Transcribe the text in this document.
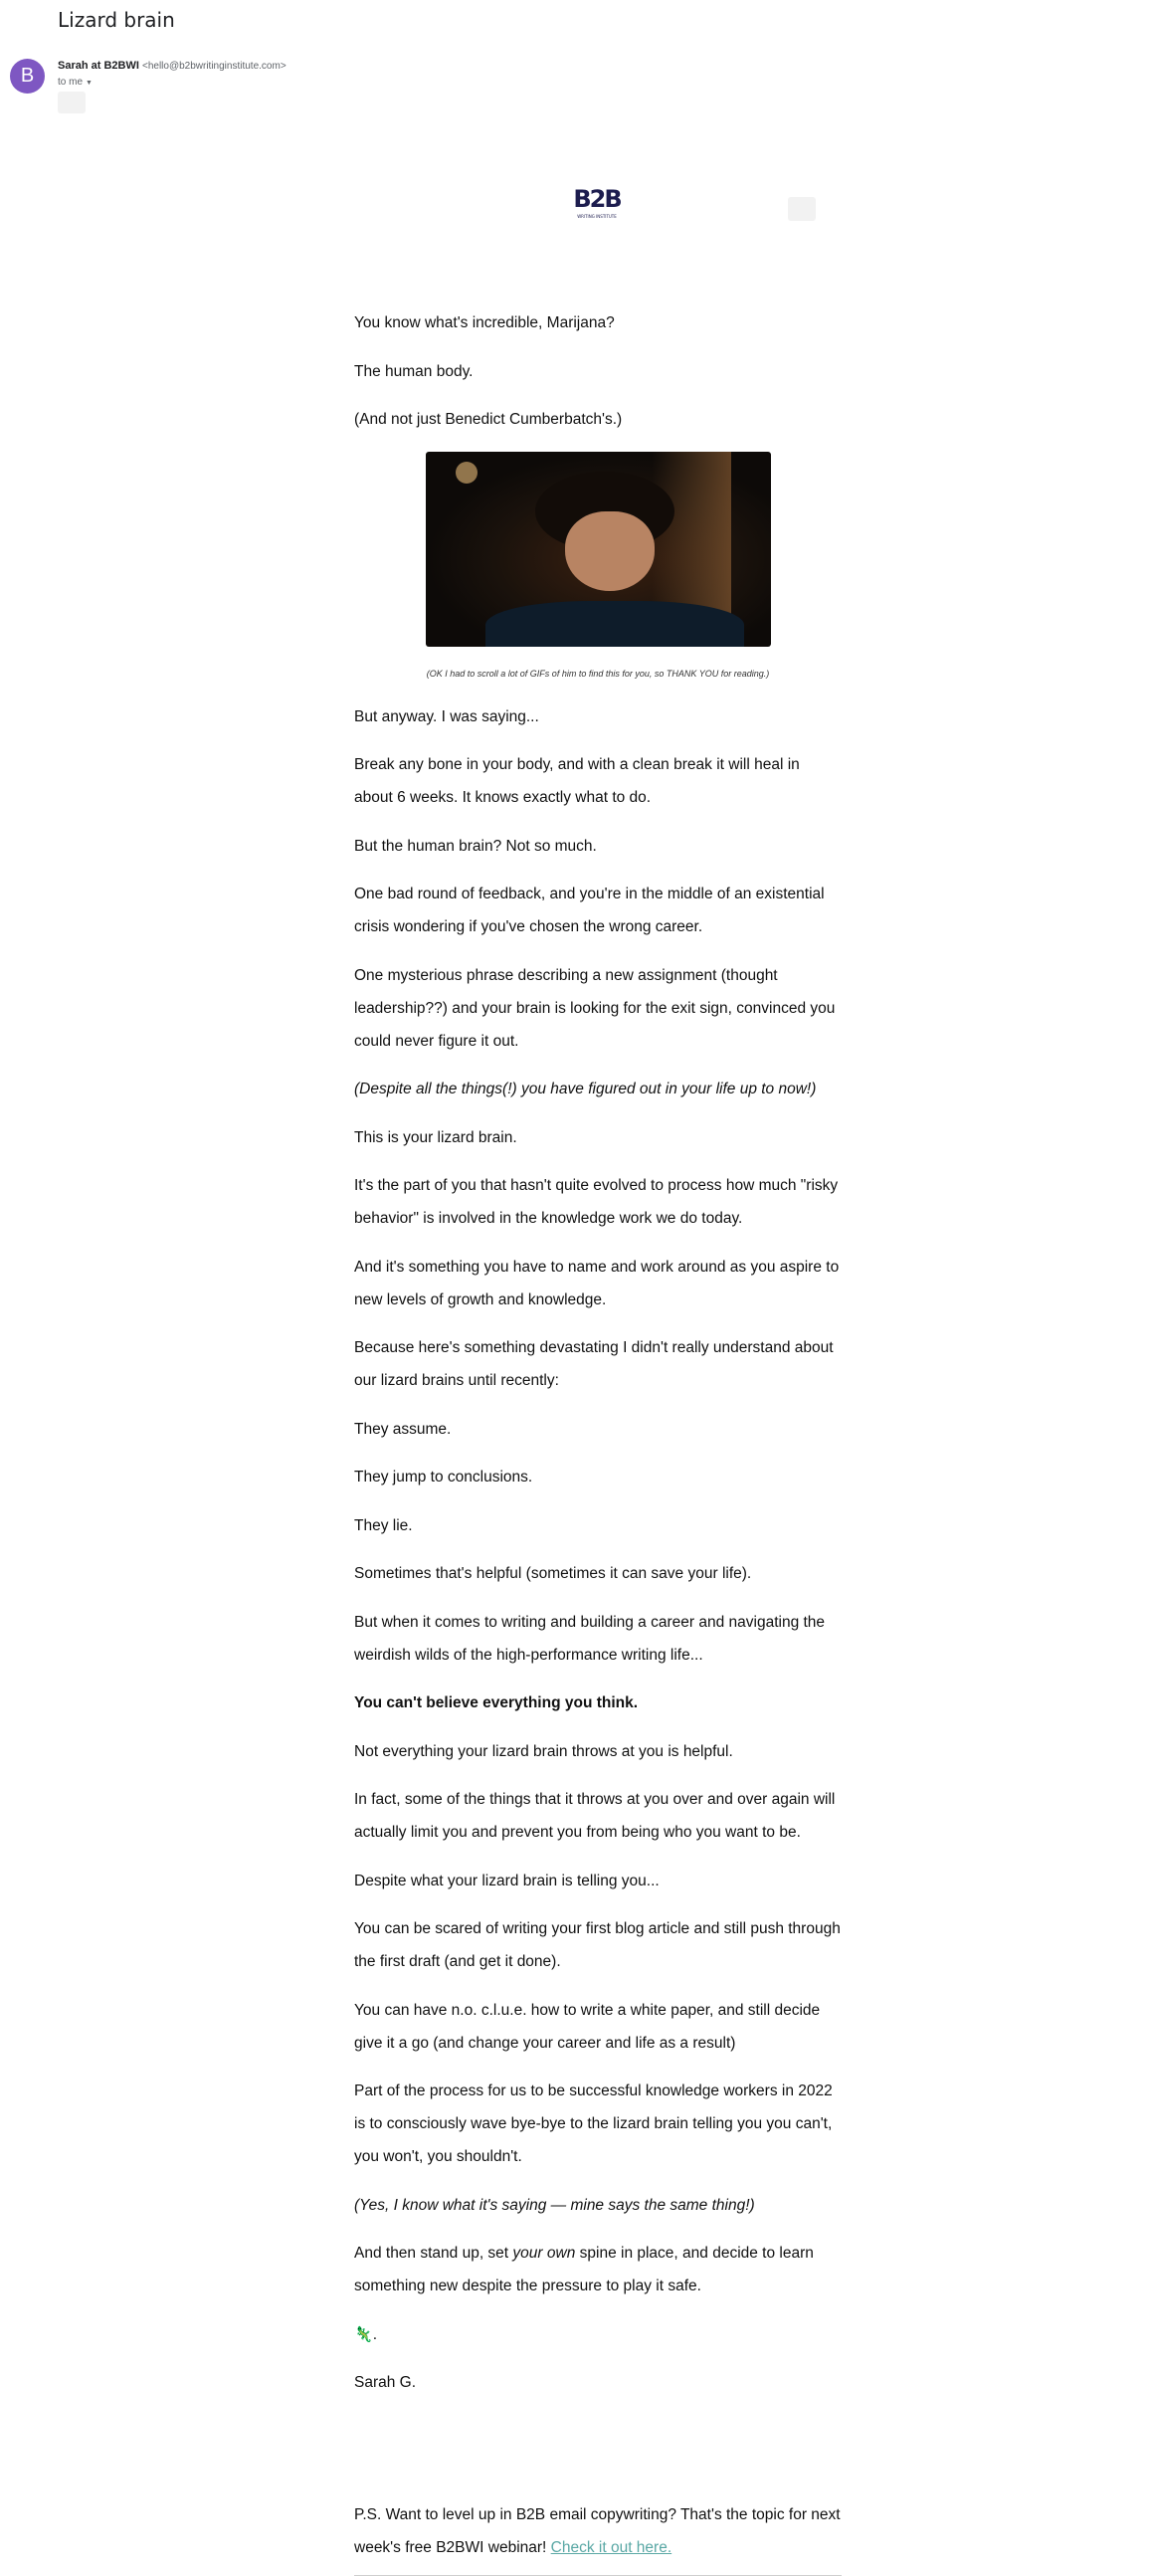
Lizard brain
B	Sarah at B2BWI <hello@b2bwritinginstitute.com>
to me ▼
B2B
WRITING INSTITUTE

You know what's incredible, Marijana?

The human body.

(And not just Benedict Cumberbatch's.)

(OK I had to scroll a lot of GIFs of him to find this for you, so THANK YOU for reading.)

But anyway. I was saying...

Break any bone in your body, and with a clean break it will heal in about 6 weeks. It knows exactly what to do.

But the human brain? Not so much.

One bad round of feedback, and you're in the middle of an existential crisis wondering if you've chosen the wrong career.

One mysterious phrase describing a new assignment (thought leadership??) and your brain is looking for the exit sign, convinced you could never figure it out.

(Despite all the things(!) you have figured out in your life up to now!)

This is your lizard brain.

It's the part of you that hasn't quite evolved to process how much "risky behavior" is involved in the knowledge work we do today.

And it's something you have to name and work around as you aspire to new levels of growth and knowledge.

Because here's something devastating I didn't really understand about our lizard brains until recently:

They assume.

They jump to conclusions.

They lie.

Sometimes that's helpful (sometimes it can save your life).

But when it comes to writing and building a career and navigating the weirdish wilds of the high-performance writing life...

You can't believe everything you think.

Not everything your lizard brain throws at you is helpful.

In fact, some of the things that it throws at you over and over again will actually limit you and prevent you from being who you want to be.

Despite what your lizard brain is telling you...

You can be scared of writing your first blog article and still push through the first draft (and get it done).

You can have n.o. c.l.u.e. how to write a white paper, and still decide give it a go (and change your career and life as a result)

Part of the process for us to be successful knowledge workers in 2022 is to consciously wave bye-bye to the lizard brain telling you you can't, you won't, you shouldn't.

(Yes, I know what it's saying — mine says the same thing!)

And then stand up, set your own spine in place, and decide to learn something new despite the pressure to play it safe.

🦎.

Sarah G.

P.S. Want to level up in B2B email copywriting? That's the topic for next week's free B2BWI webinar! Check it out here.
